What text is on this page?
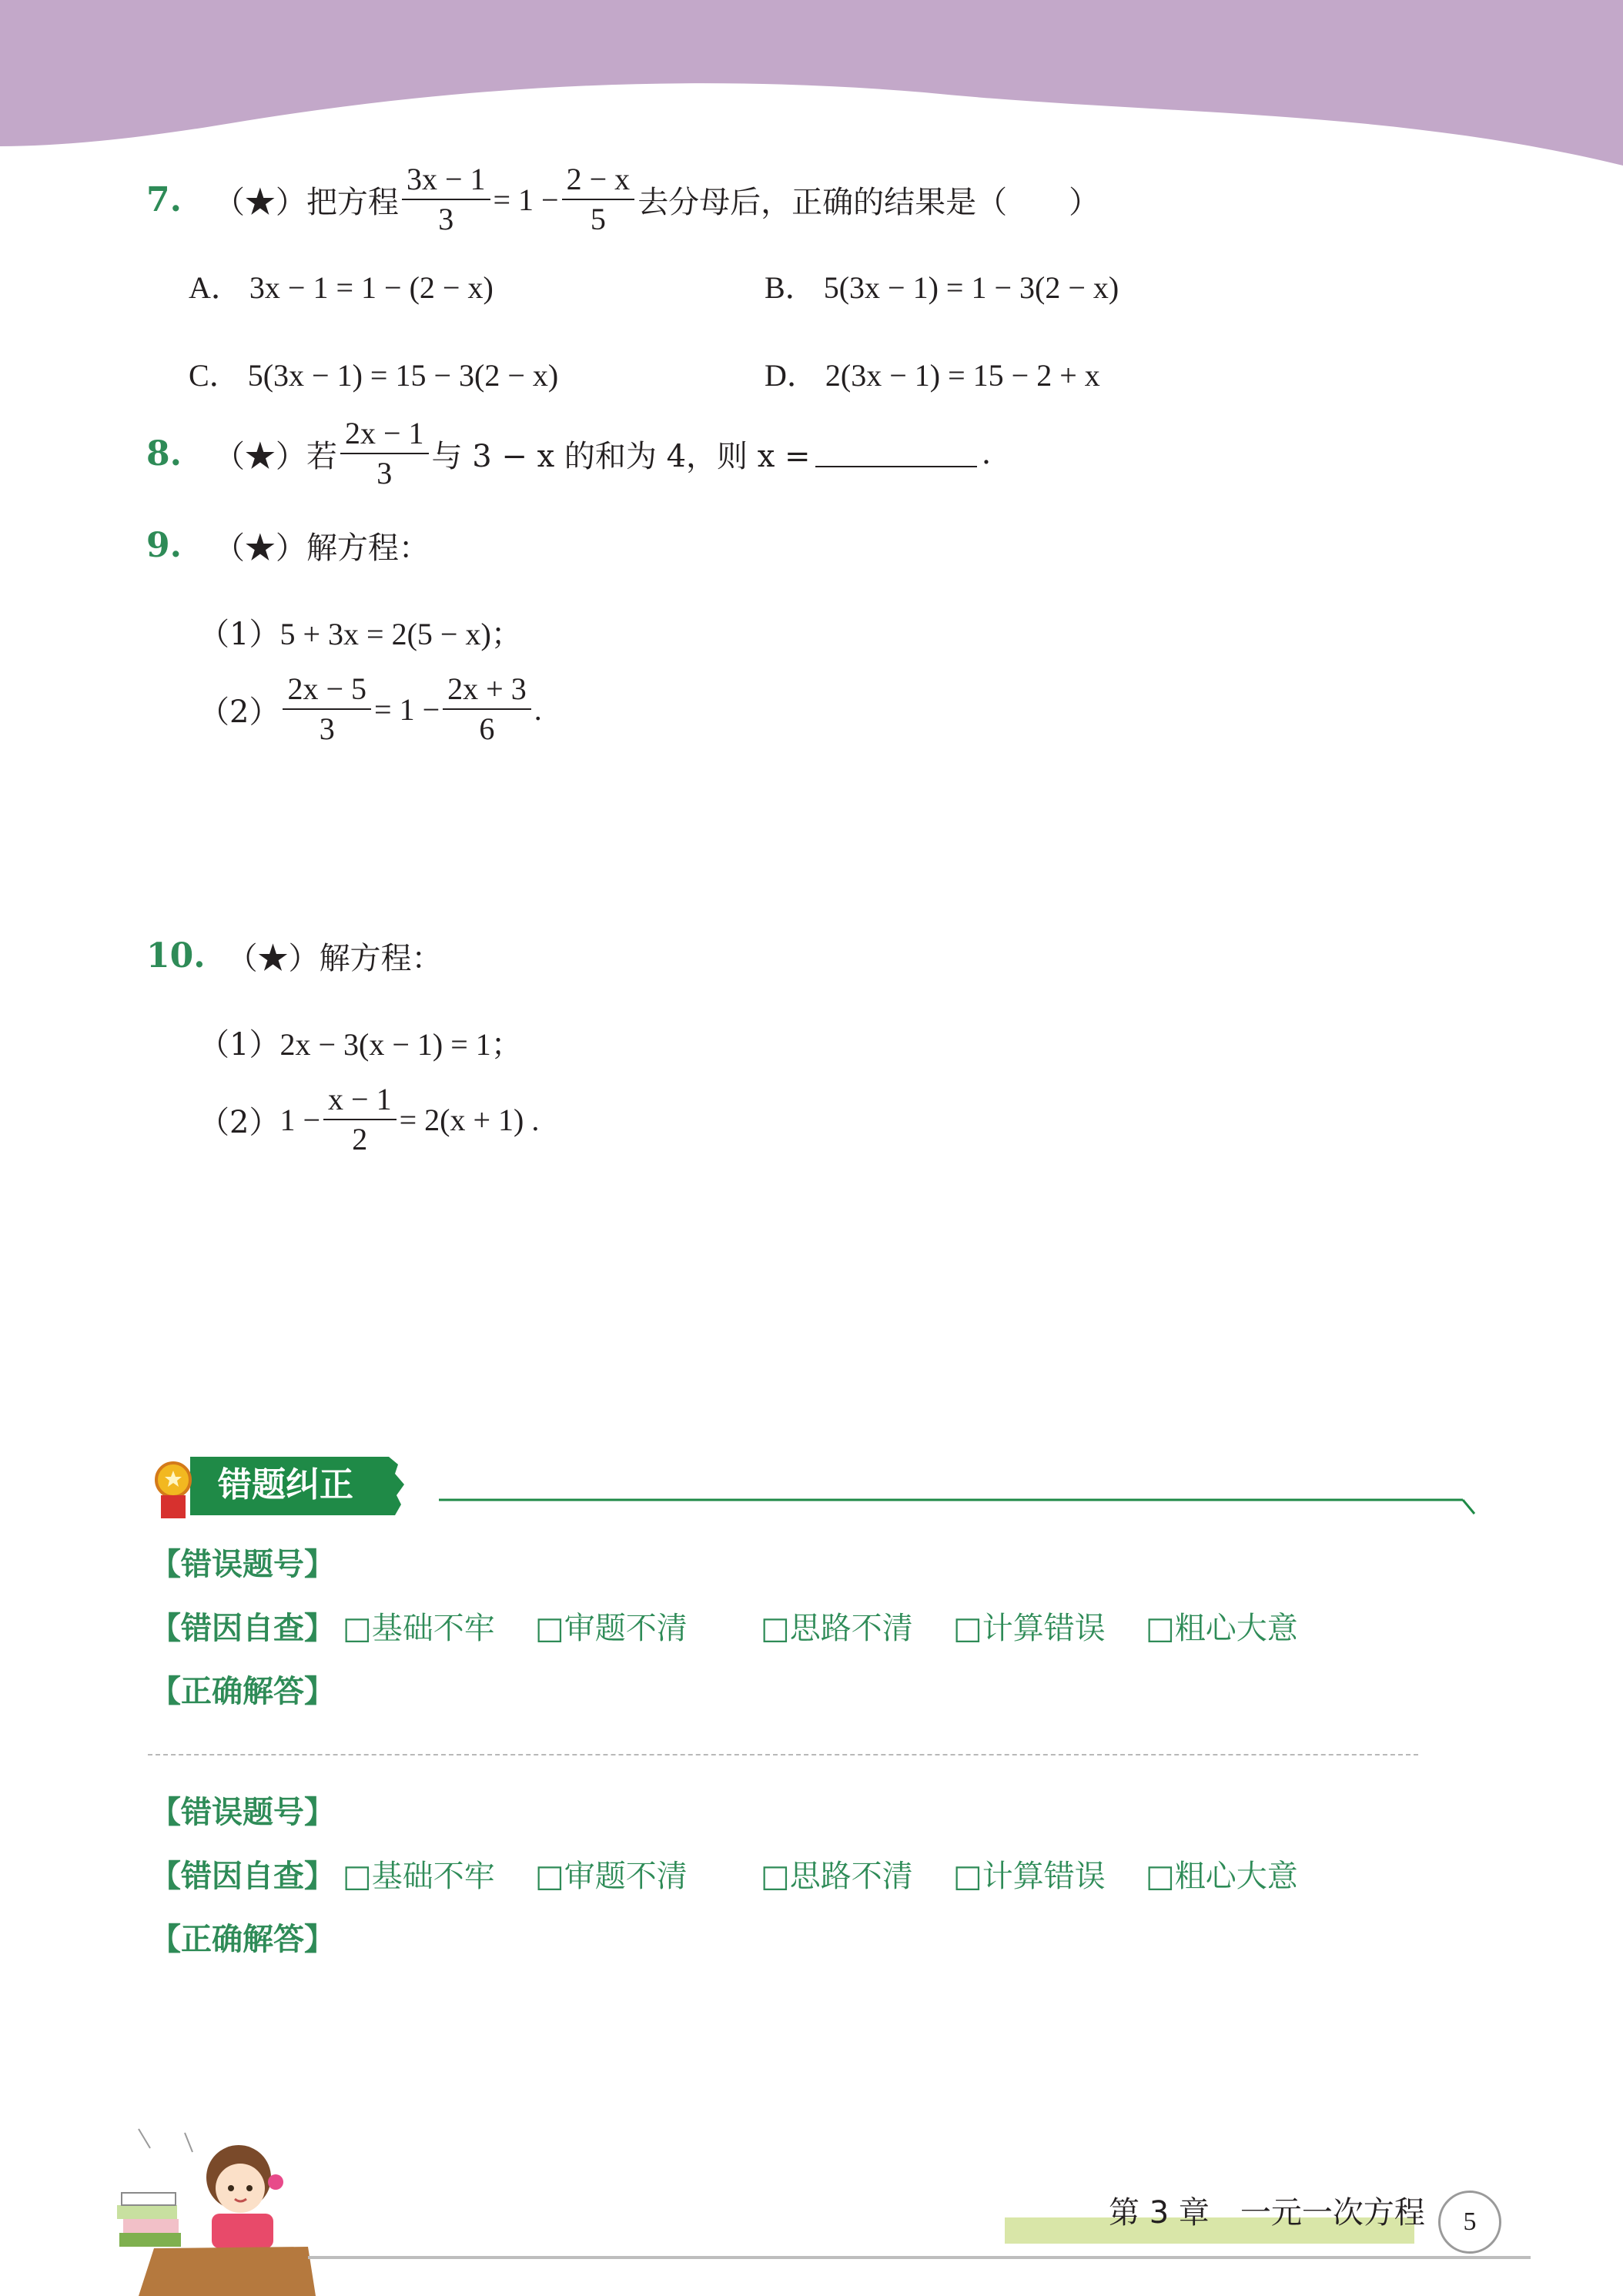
7. （★） 把方程 $\frac{3x - 1}{3} = 1 - \frac{2 - x}{5}$ 去分母后，正确的结果是（　　）
A． 3x − 1 = 1 − (2 − x)	B． 5(3x − 1) = 1 − 3(2 − x)
C． 5(3x − 1) = 15 − 3(2 − x)	D． 2(3x − 1) = 15 − 2 + x
8. （★） 若 $\frac{2x - 1}{3}$ 与 3 − x 的和为 4，则 x =	.
9. （★） 解方程：
（1） 5 + 3x = 2(5 − x)；
$(2) \frac{2x - 5}{3} = 1 - \frac{2x + 3}{6}$ .
10. （★） 解方程：
（1） 2x − 3(x − 1) = 1；
（2） $1 - \frac{x - 1}{2} = 2(x + 1)$ .
错题纠正
【错误题号】
【错因自查】 □基础不牢 □审题不清 □思路不清 □计算错误 □粗心大意
【正确解答】
【错误题号】
【错因自查】 □基础不牢 □审题不清 □思路不清 □计算错误 □粗心大意
【正确解答】
第 3 章　一元一次方程 5
